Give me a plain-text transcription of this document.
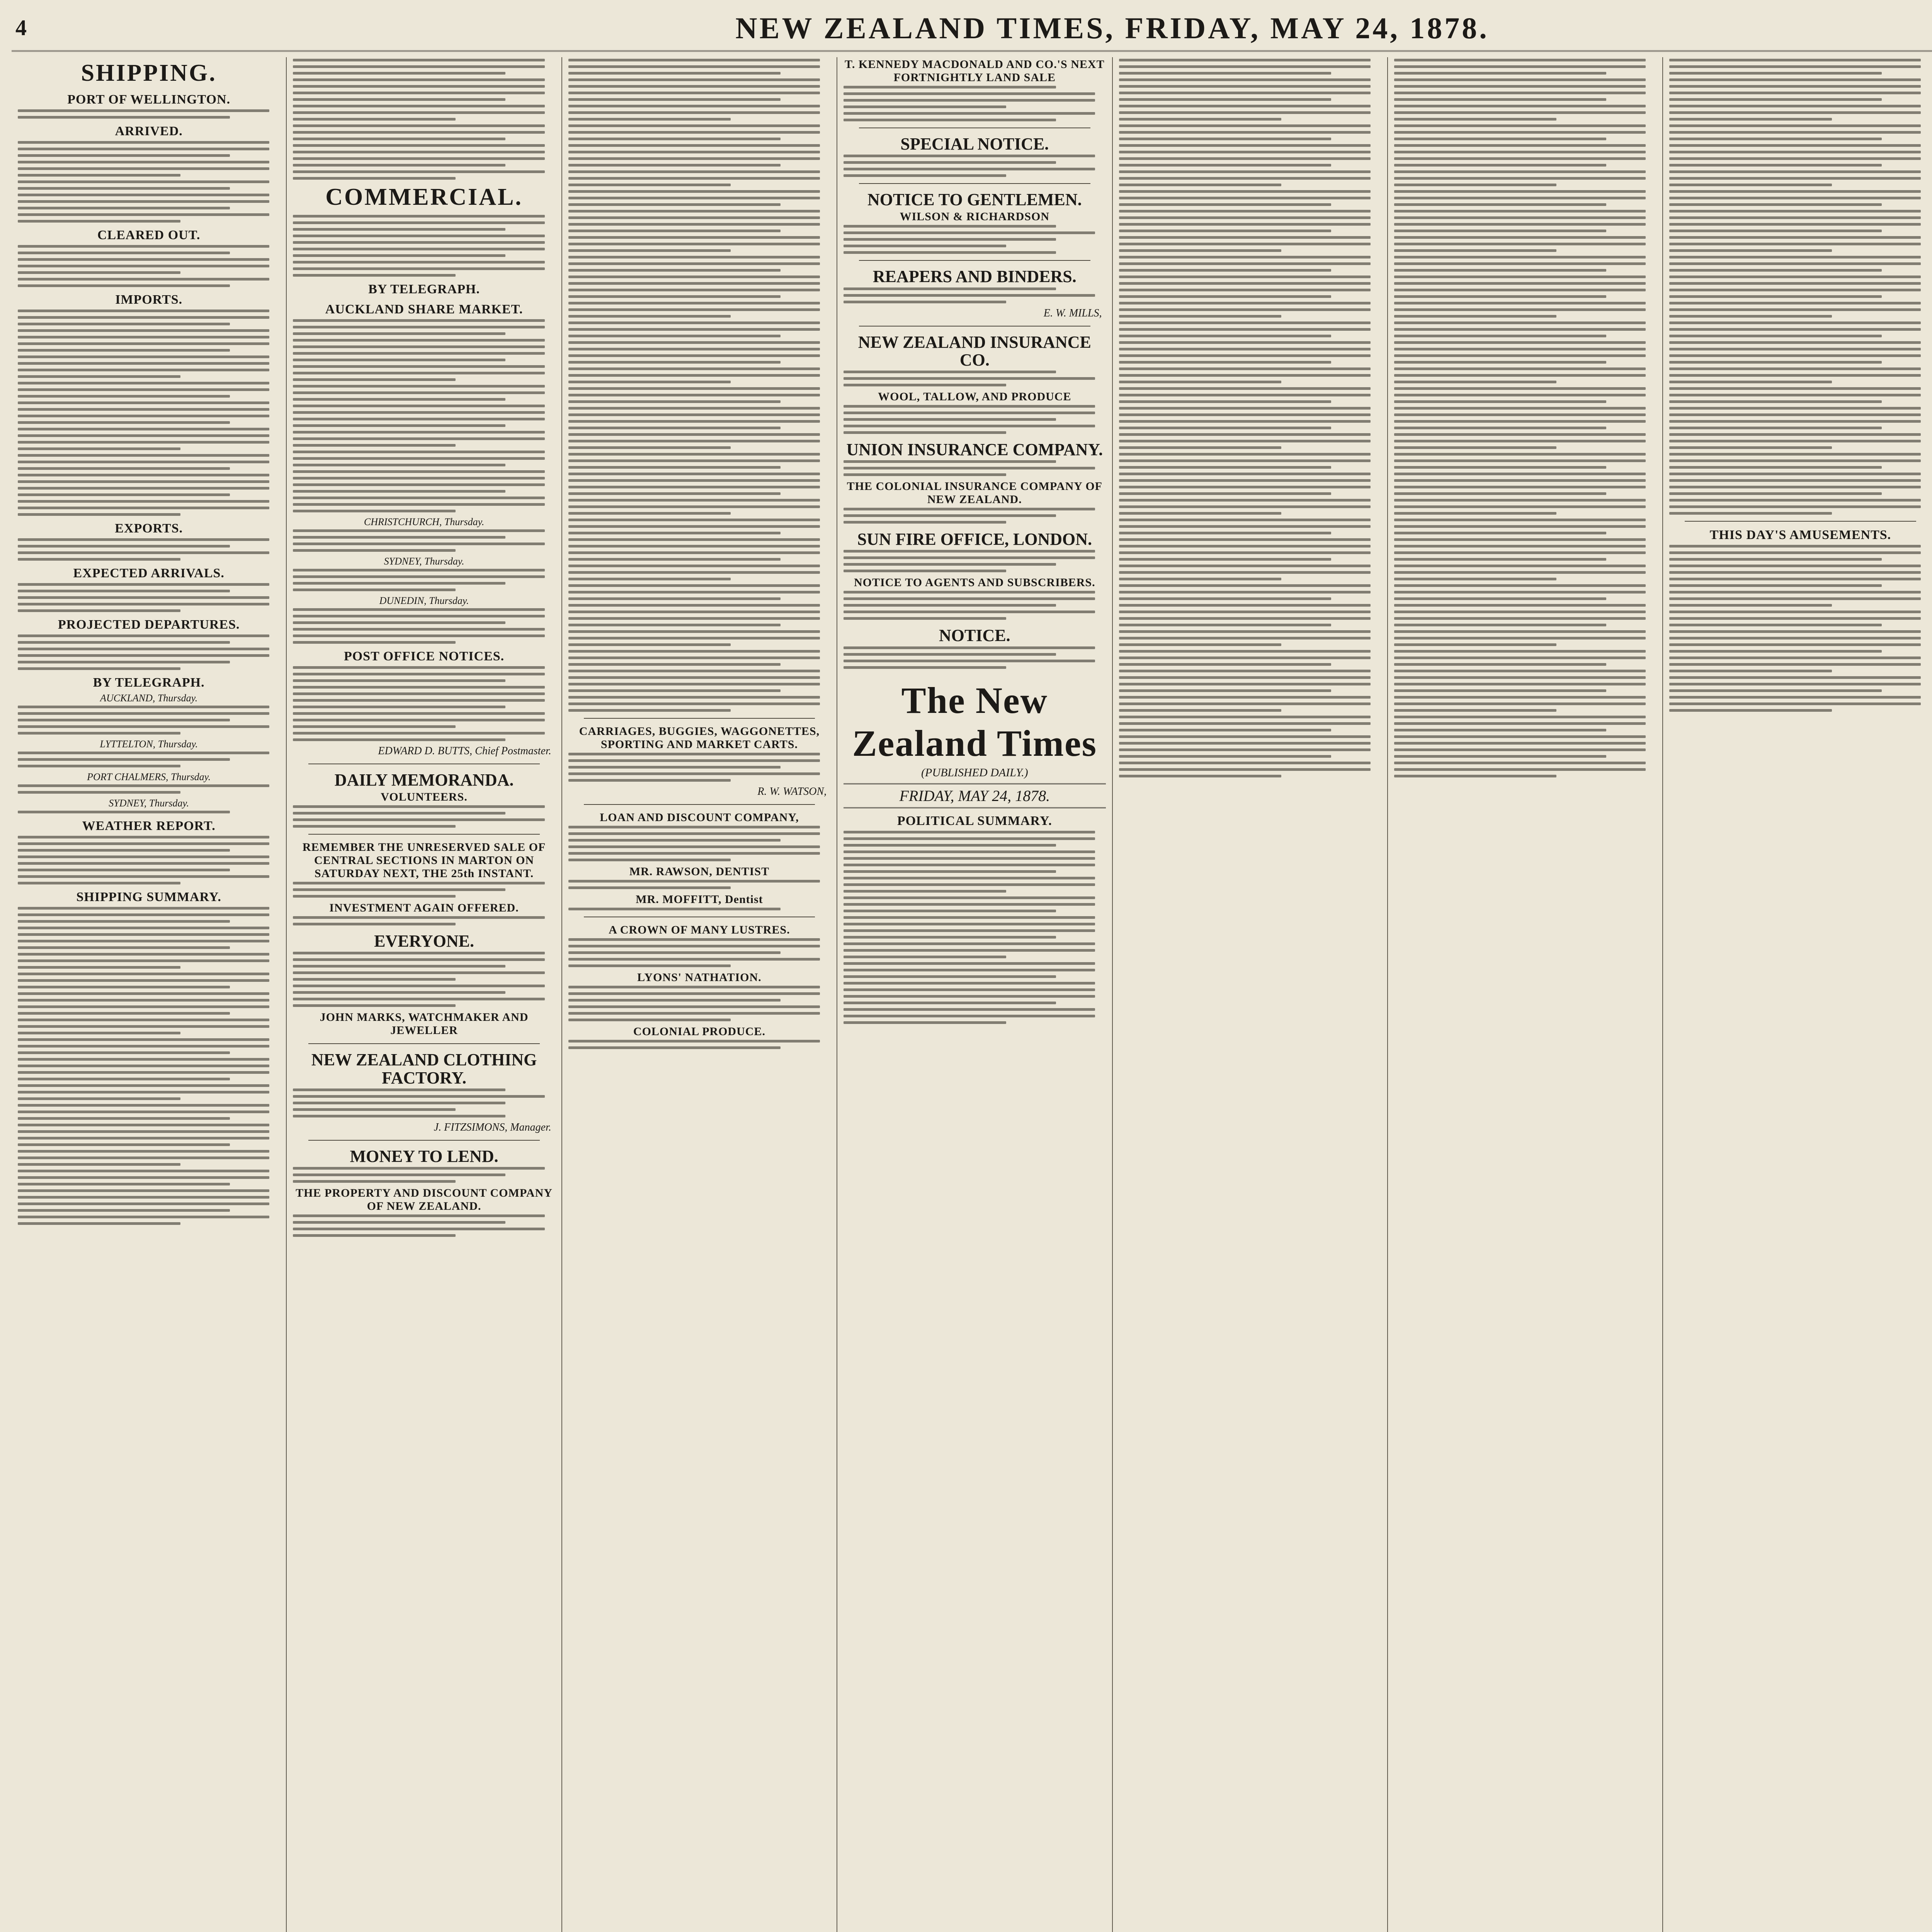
4	NEW ZEALAND TIMES, FRIDAY, MAY 24, 1878.
SHIPPING.
PORT OF WELLINGTON.
ARRIVED.
CLEARED OUT.
IMPORTS.
EXPORTS.
EXPECTED ARRIVALS.
PROJECTED DEPARTURES.
BY TELEGRAPH.
AUCKLAND, Thursday.
LYTTELTON, Thursday.
PORT CHALMERS, Thursday.
SYDNEY, Thursday.
WEATHER REPORT.
SHIPPING SUMMARY.
COMMERCIAL.
BY TELEGRAPH.
AUCKLAND SHARE MARKET.
CHRISTCHURCH, Thursday.
SYDNEY, Thursday.
DUNEDIN, Thursday.
POST OFFICE NOTICES.
EDWARD D. BUTTS, Chief Postmaster.
DAILY MEMORANDA.
VOLUNTEERS.
REMEMBER THE UNRESERVED SALE OF CENTRAL SECTIONS IN MARTON ON SATURDAY NEXT, THE 25th INSTANT.
INVESTMENT AGAIN OFFERED.
EVERYONE.
JOHN MARKS, WATCHMAKER AND JEWELLER
NEW ZEALAND CLOTHING FACTORY.
J. FITZSIMONS, Manager.
MONEY TO LEND.
THE PROPERTY AND DISCOUNT COMPANY OF NEW ZEALAND.
CARRIAGES, BUGGIES, WAGGONETTES, SPORTING AND MARKET CARTS.
R. W. WATSON,
LOAN AND DISCOUNT COMPANY,
MR. RAWSON, DENTIST
MR. MOFFITT, Dentist
A CROWN OF MANY LUSTRES.
LYONS' NATHATION.
COLONIAL PRODUCE.
T. KENNEDY MACDONALD AND CO.'S NEXT FORTNIGHTLY LAND SALE
SPECIAL NOTICE.
NOTICE TO GENTLEMEN.
WILSON & RICHARDSON
REAPERS AND BINDERS.
E. W. MILLS,
NEW ZEALAND INSURANCE CO.
WOOL, TALLOW, AND PRODUCE
UNION INSURANCE COMPANY.
THE COLONIAL INSURANCE COMPANY OF NEW ZEALAND.
SUN FIRE OFFICE, LONDON.
NOTICE TO AGENTS AND SUBSCRIBERS.
NOTICE.
The New Zealand Times
(PUBLISHED DAILY.)
FRIDAY, MAY 24, 1878.
POLITICAL SUMMARY.
THIS DAY'S AMUSEMENTS.
